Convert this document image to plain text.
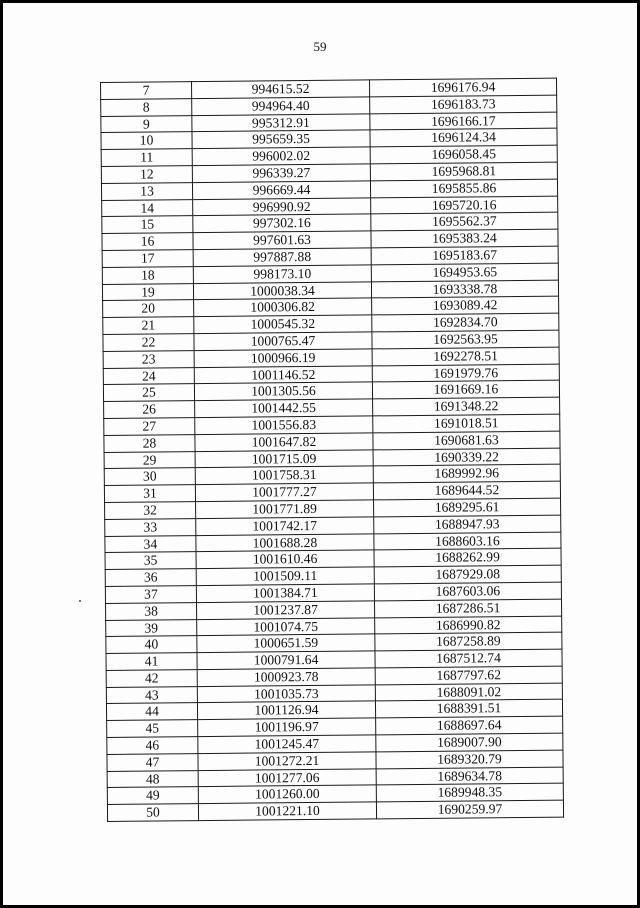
59
7	994615.52	1696176.94
8	994964.40	1696183.73
9	995312.91	1696166.17
10	995659.35	1696124.34
11	996002.02	1696058.45
12	996339.27	1695968.81
13	996669.44	1695855.86
14	996990.92	1695720.16
15	997302.16	1695562.37
16	997601.63	1695383.24
17	997887.88	1695183.67
18	998173.10	1694953.65
19	1000038.34	1693338.78
20	1000306.82	1693089.42
21	1000545.32	1692834.70
22	1000765.47	1692563.95
23	1000966.19	1692278.51
24	1001146.52	1691979.76
25	1001305.56	1691669.16
26	1001442.55	1691348.22
27	1001556.83	1691018.51
28	1001647.82	1690681.63
29	1001715.09	1690339.22
30	1001758.31	1689992.96
31	1001777.27	1689644.52
32	1001771.89	1689295.61
33	1001742.17	1688947.93
34	1001688.28	1688603.16
35	1001610.46	1688262.99
36	1001509.11	1687929.08
37	1001384.71	1687603.06
38	1001237.87	1687286.51
39	1001074.75	1686990.82
40	1000651.59	1687258.89
41	1000791.64	1687512.74
42	1000923.78	1687797.62
43	1001035.73	1688091.02
44	1001126.94	1688391.51
45	1001196.97	1688697.64
46	1001245.47	1689007.90
47	1001272.21	1689320.79
48	1001277.06	1689634.78
49	1001260.00	1689948.35
50	1001221.10	1690259.97
